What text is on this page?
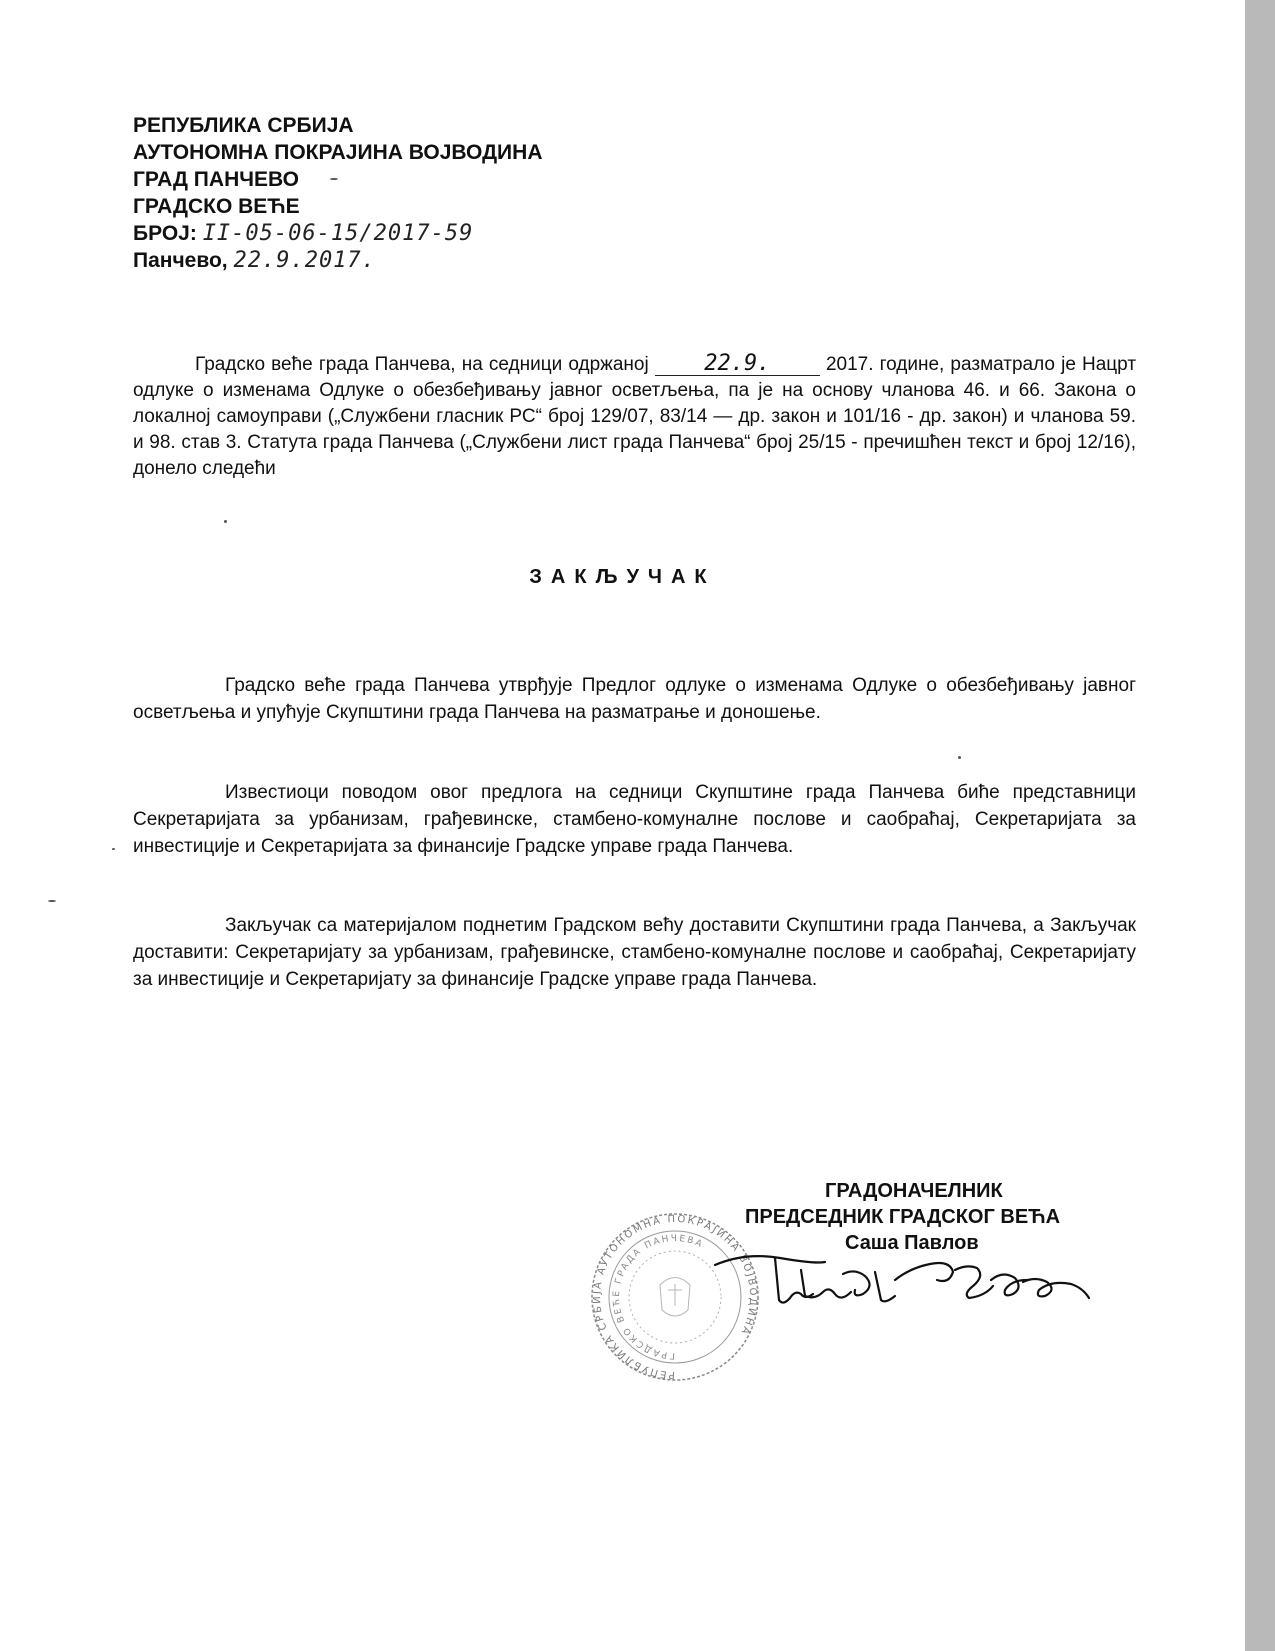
РЕПУБЛИКА СРБИЈА
АУТОНОМНА ПОКРАЈИНА ВОЈВОДИНА
ГРАД ПАНЧЕВО
ГРАДСКО ВЕЋЕ
БРОЈ: II-05-06-15/2017-59
Панчево, 22.9.2017.
Градско веће града Панчева, на седници одржаној	22.9.	2017. године, разматрало је Нацрт одлуке о изменама Одлуке о обезбеђивању јавног осветљења, па је на основу чланова 46. и 66. Закона о локалној самоуправи („Службени гласник РС“ број 129/07, 83/14 — др. закон и 101/16 - др. закон) и чланова 59. и 98. став 3. Статута града Панчева („Службени лист града Панчева“ број 25/15 - пречишћен текст и број 12/16), донело следећи
ЗАКЉУЧАК
Градско веће града Панчева утврђује Предлог одлуке о изменама Одлуке о обезбеђивању јавног осветљења и упућује Скупштини града Панчева на разматрање и доношење.
Известиоци поводом овог предлога на седници Скупштине града Панчева биће представници Секретаријата за урбанизам, грађевинске, стамбено-комуналне послове и саобраћај, Секретаријата за инвестиције и Секретаријата за финансије Градске управе града Панчева.
Закључак са материјалом поднетим Градском већу доставити Скупштини града Панчева, а Закључак доставити: Секретаријату за урбанизам, грађевинске, стамбено-комуналне послове и саобраћај, Секретаријату за инвестиције и Секретаријату за финансије Градске управе града Панчева.
ГРАДОНАЧЕЛНИК
ПРЕДСЕДНИК ГРАДСКОГ ВЕЋА
Саша Павлов
РЕПУБЛИКА СРБИЈА АУТОНОМНА ПОКРАЈИНА ВОЈВОДИНА
ГРАДСКО ВЕЋЕ ГРАДА ПАНЧЕВА
